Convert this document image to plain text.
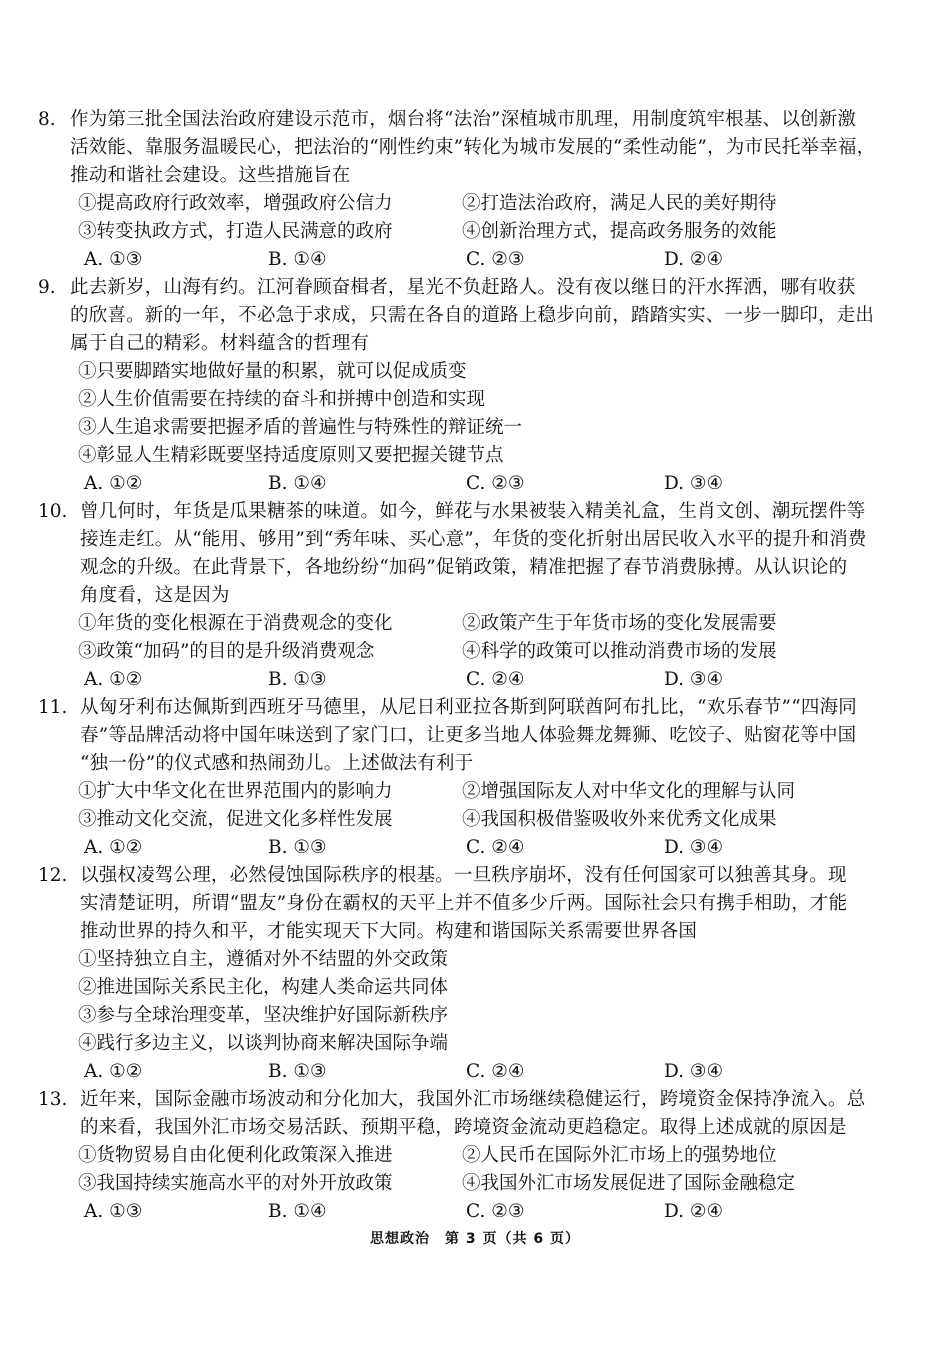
8. 作为第三批全国法治政府建设示范市，烟台将“法治”深植城市肌理，用制度筑牢根基、以创新激
活效能、靠服务温暖民心，把法治的“刚性约束”转化为城市发展的“柔性动能”，为市民托举幸福，
推动和谐社会建设。这些措施旨在
①提高政府行政效率，增强政府公信力	②打造法治政府，满足人民的美好期待
③转变执政方式，打造人民满意的政府	④创新治理方式，提高政务服务的效能
A. ①③	B. ①④	C. ②③	D. ②④
9. 此去新岁，山海有约。江河眷顾奋楫者，星光不负赶路人。没有夜以继日的汗水挥洒，哪有收获
的欣喜。新的一年，不必急于求成，只需在各自的道路上稳步向前，踏踏实实、一步一脚印，走出
属于自己的精彩。材料蕴含的哲理有
①只要脚踏实地做好量的积累，就可以促成质变
②人生价值需要在持续的奋斗和拼搏中创造和实现
③人生追求需要把握矛盾的普遍性与特殊性的辩证统一
④彰显人生精彩既要坚持适度原则又要把握关键节点
A. ①②	B. ①④	C. ②③	D. ③④
10. 曾几何时，年货是瓜果糖茶的味道。如今，鲜花与水果被装入精美礼盒，生肖文创、潮玩摆件等
接连走红。从“能用、够用”到“秀年味、买心意”，年货的变化折射出居民收入水平的提升和消费
观念的升级。在此背景下，各地纷纷“加码”促销政策，精准把握了春节消费脉搏。从认识论的
角度看，这是因为
①年货的变化根源在于消费观念的变化	②政策产生于年货市场的变化发展需要
③政策“加码”的目的是升级消费观念	④科学的政策可以推动消费市场的发展
A. ①②	B. ①③	C. ②④	D. ③④
11. 从匈牙利布达佩斯到西班牙马德里，从尼日利亚拉各斯到阿联酋阿布扎比，“欢乐春节”“四海同
春”等品牌活动将中国年味送到了家门口，让更多当地人体验舞龙舞狮、吃饺子、贴窗花等中国
“独一份”的仪式感和热闹劲儿。上述做法有利于
①扩大中华文化在世界范围内的影响力	②增强国际友人对中华文化的理解与认同
③推动文化交流，促进文化多样性发展	④我国积极借鉴吸收外来优秀文化成果
A. ①②	B. ①③	C. ②④	D. ③④
12. 以强权凌驾公理，必然侵蚀国际秩序的根基。一旦秩序崩坏，没有任何国家可以独善其身。现
实清楚证明，所谓“盟友”身份在霸权的天平上并不值多少斤两。国际社会只有携手相助，才能
推动世界的持久和平，才能实现天下大同。构建和谐国际关系需要世界各国
①坚持独立自主，遵循对外不结盟的外交政策
②推进国际关系民主化，构建人类命运共同体
③参与全球治理变革，坚决维护好国际新秩序
④践行多边主义，以谈判协商来解决国际争端
A. ①②	B. ①③	C. ②④	D. ③④
13. 近年来，国际金融市场波动和分化加大，我国外汇市场继续稳健运行，跨境资金保持净流入。总
的来看，我国外汇市场交易活跃、预期平稳，跨境资金流动更趋稳定。取得上述成就的原因是
①货物贸易自由化便利化政策深入推进	②人民币在国际外汇市场上的强势地位
③我国持续实施高水平的对外开放政策	④我国外汇市场发展促进了国际金融稳定
A. ①③	B. ①④	C. ②③	D. ②④
思想政治　第 3 页（共 6 页）
